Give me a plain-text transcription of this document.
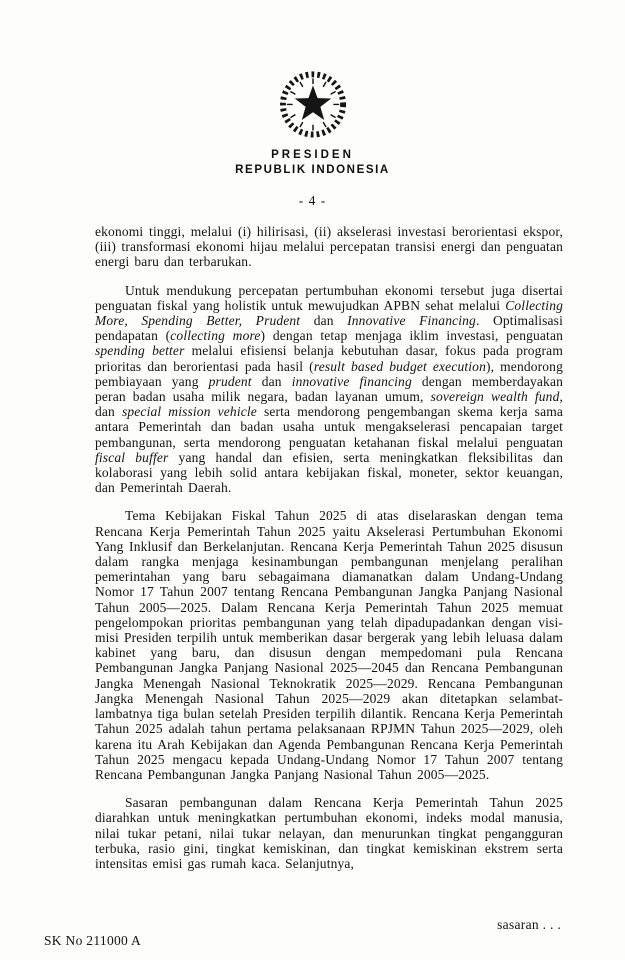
PRESIDEN
REPUBLIK INDONESIA
- 4 -

ekonomi tinggi, melalui (i) hilirisasi, (ii) akselerasi investasi berorientasi ekspor, (iii) transformasi ekonomi hijau melalui percepatan transisi energi dan penguatan energi baru dan terbarukan.

Untuk mendukung percepatan pertumbuhan ekonomi tersebut juga disertai penguatan fiskal yang holistik untuk mewujudkan APBN sehat melalui Collecting More, Spending Better, Prudent dan Innovative Financing. Optimalisasi pendapatan (collecting more) dengan tetap menjaga iklim investasi, penguatan spending better melalui efisiensi belanja kebutuhan dasar, fokus pada program prioritas dan berorientasi pada hasil (result based budget execution), mendorong pembiayaan yang prudent dan innovative financing dengan memberdayakan peran badan usaha milik negara, badan layanan umum, sovereign wealth fund, dan special mission vehicle serta mendorong pengembangan skema kerja sama antara Pemerintah dan badan usaha untuk mengakselerasi pencapaian target pembangunan, serta mendorong penguatan ketahanan fiskal melalui penguatan fiscal buffer yang handal dan efisien, serta meningkatkan fleksibilitas dan kolaborasi yang lebih solid antara kebijakan fiskal, moneter, sektor keuangan, dan Pemerintah Daerah.

Tema Kebijakan Fiskal Tahun 2025 di atas diselaraskan dengan tema Rencana Kerja Pemerintah Tahun 2025 yaitu Akselerasi Pertumbuhan Ekonomi Yang Inklusif dan Berkelanjutan. Rencana Kerja Pemerintah Tahun 2025 disusun dalam rangka menjaga kesinambungan pembangunan menjelang peralihan pemerintahan yang baru sebagaimana diamanatkan dalam Undang-Undang Nomor 17 Tahun 2007 tentang Rencana Pembangunan Jangka Panjang Nasional Tahun 2005—2025. Dalam Rencana Kerja Pemerintah Tahun 2025 memuat pengelompokan prioritas pembangunan yang telah dipadupadankan dengan visi-misi Presiden terpilih untuk memberikan dasar bergerak yang lebih leluasa dalam kabinet yang baru, dan disusun dengan mempedomani pula Rencana Pembangunan Jangka Panjang Nasional 2025—2045 dan Rencana Pembangunan Jangka Menengah Nasional Teknokratik 2025—2029. Rencana Pembangunan Jangka Menengah Nasional Tahun 2025—2029 akan ditetapkan selambat-lambatnya tiga bulan setelah Presiden terpilih dilantik. Rencana Kerja Pemerintah Tahun 2025 adalah tahun pertama pelaksanaan RPJMN Tahun 2025—2029, oleh karena itu Arah Kebijakan dan Agenda Pembangunan Rencana Kerja Pemerintah Tahun 2025 mengacu kepada Undang-Undang Nomor 17 Tahun 2007 tentang Rencana Pembangunan Jangka Panjang Nasional Tahun 2005—2025.

Sasaran pembangunan dalam Rencana Kerja Pemerintah Tahun 2025 diarahkan untuk meningkatkan pertumbuhan ekonomi, indeks modal manusia, nilai tukar petani, nilai tukar nelayan, dan menurunkan tingkat pengangguran terbuka, rasio gini, tingkat kemiskinan, dan tingkat kemiskinan ekstrem serta intensitas emisi gas rumah kaca. Selanjutnya,

sasaran . . .
SK No 211000 A
